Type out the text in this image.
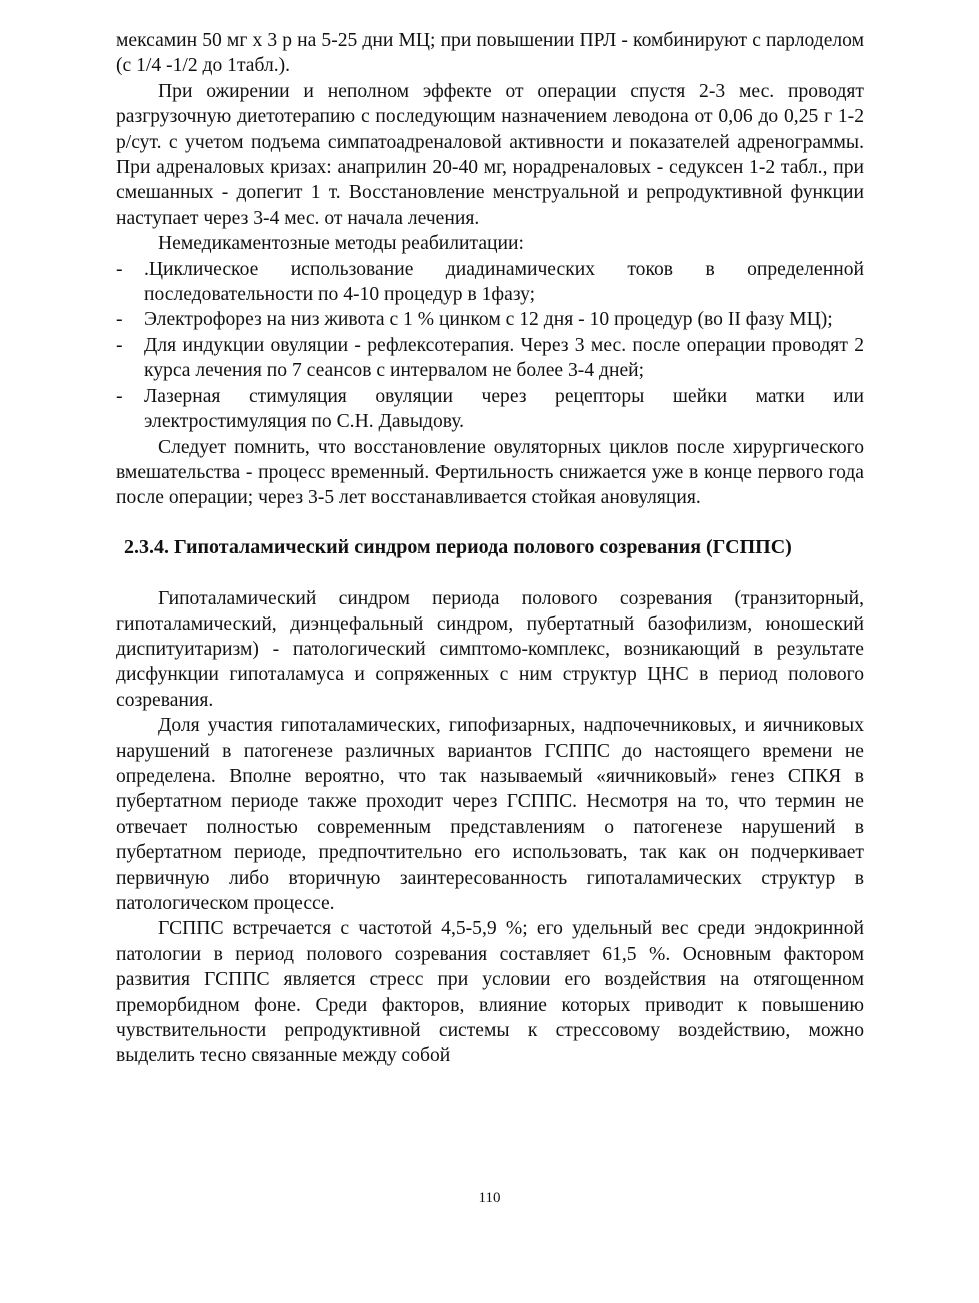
мексамин 50 мг х 3 р на 5-25 дни МЦ; при повышении ПРЛ - комбинируют с парлоделом (с 1/4 -1/2 до 1табл.).

При ожирении и неполном эффекте от операции спустя 2-3 мес. проводят разгрузочную диетотерапию с последующим назначением леводона от 0,06 до 0,25 г 1-2 р/сут. с учетом подъема симпатоадреналовой активности и показателей адренограммы. При адреналовых кризах: анаприлин 20-40 мг, норадреналовых - седуксен 1-2 табл., при смешанных - допегит 1 т. Восстановление менструальной и репродуктивной функции наступает через 3-4 мес. от начала лечения.

Немедикаментозные методы реабилитации:

- .Циклическое использование диадинамических токов в определенной последовательности по 4-10 процедур в 1фазу;
- Электрофорез на низ живота с 1 % цинком с 12 дня - 10 процедур (во II фазу МЦ);
- Для индукции овуляции - рефлексотерапия. Через 3 мес. после операции проводят 2 курса лечения по 7 сеансов с интервалом не более 3-4 дней;
- Лазерная стимуляция овуляции через рецепторы шейки матки или электростимуляция по С.Н. Давыдову.

Следует помнить, что восстановление овуляторных циклов после хирургического вмешательства - процесс временный. Фертильность снижается уже в конце первого года после операции; через 3-5 лет восстанавливается стойкая ановуляция.

2.3.4. Гипоталамический синдром периода полового созревания (ГСППС)

Гипоталамический синдром периода полового созревания (транзиторный, гипоталамический, диэнцефальный синдром, пубертатный базофилизм, юношеский диспитуитаризм) - патологический симптомо-комплекс, возникающий в результате дисфункции гипоталамуса и сопряженных с ним структур ЦНС в период полового созревания.

Доля участия гипоталамических, гипофизарных, надпочечниковых, и яичниковых нарушений в патогенезе различных вариантов ГСППС до настоящего времени не определена. Вполне вероятно, что так называемый «яичниковый» генез СПКЯ в пубертатном периоде также проходит через ГСППС. Несмотря на то, что термин не отвечает полностью современным представлениям о патогенезе нарушений в пубертатном периоде, предпочтительно его использовать, так как он подчеркивает первичную либо вторичную заинтересованность гипоталамических структур в патологическом процессе.

ГСППС встречается с частотой 4,5-5,9 %; его удельный вес среди эндокринной патологии в период полового созревания составляет 61,5 %. Основным фактором развития ГСППС является стресс при условии его воздействия на отягощенном преморбидном фоне. Среди факторов, влияние которых приводит к повышению чувствительности репродуктивной системы к стрессовому воздействию, можно выделить тесно связанные между собой

110
